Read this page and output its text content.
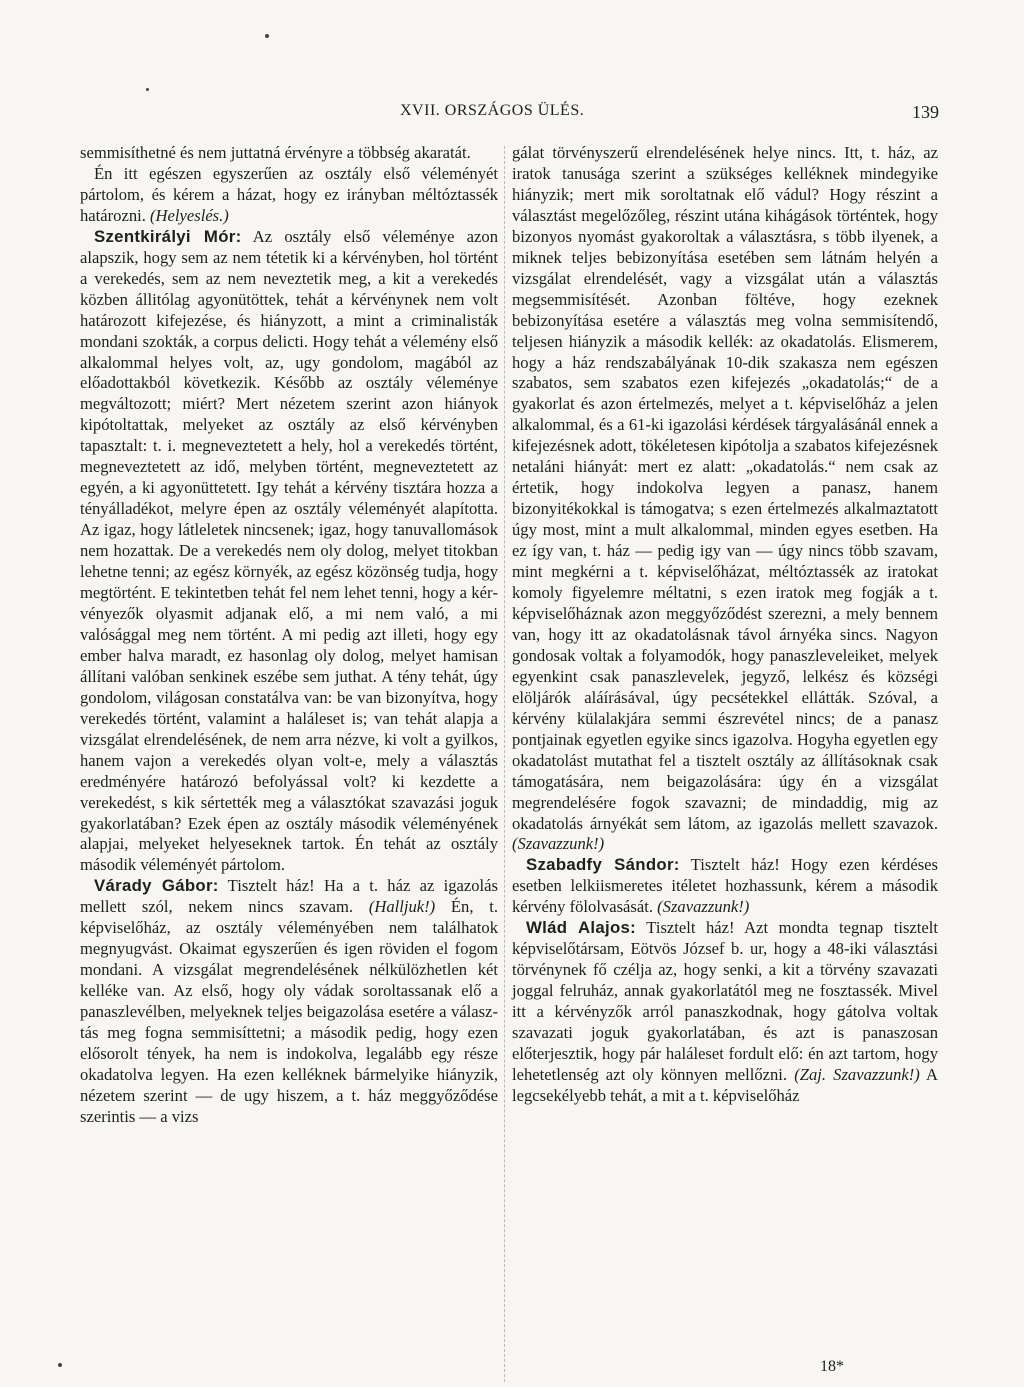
XVII. ORSZÁGOS ÜLÉS.	139

semmisíthetné és nem juttatná érvényre a többség akaratát.

Én itt egészen egyszerűen az osztály első véleményét pártolom, és kérem a házat, hogy ez irányban méltóztassék határozni. (Helyeslés.)

Szentkirályi Mór: Az osztály első véleménye azon alapszik, hogy sem az nem tétetik ki a kérvényben, hol történt a verekedés, sem az nem neveztetik meg, a kit a verekedés közben állitólag agyonütöttek, tehát a kérvénynek nem volt határozott kifejezése, és hiányzott, a mint a criminalisták mondani szokták, a corpus delicti. Hogy tehát a vélemény első alkalommal helyes volt, az, ugy gondolom, magából az előadottakból következik. Később az osztály véleménye megváltozott; miért? Mert nézetem szerint azon hiányok kipótoltattak, melyeket az osztály az első kérvényben tapasztalt: t. i. megneveztetett a hely, hol a verekedés történt, megneveztetett az idő, melyben történt, megneveztetett az egyén, a ki agyonüttetett. Igy tehát a kérvény tisztára hozza a tényálladékot, melyre épen az osztály véleményét alapította. Az igaz, hogy látleletek nincsenek; igaz, hogy tanuvallomások nem hozattak. De a verekedés nem oly dolog, melyet titokban lehetne tenni; az egész környék, az egész közönség tudja, hogy megtörtént. E tekintetben tehát fel nem lehet tenni, hogy a kérvényezők olyasmit adjanak elő, a mi nem való, a mi valósággal meg nem történt. A mi pedig azt illeti, hogy egy ember halva maradt, ez hasonlag oly dolog, melyet hamisan állítani valóban senkinek eszébe sem juthat. A tény tehát, úgy gondolom, világosan constatálva van: be van bizonyítva, hogy verekedés történt, valamint a haláleset is; van tehát alapja a vizsgálat elrendelésének, de nem arra nézve, ki volt a gyilkos, hanem vajon a verekedés olyan volt-e, mely a választás eredményére határozó befolyással volt? ki kezdette a verekedést, s kik sértették meg a választókat szavazási joguk gyakorlatában? Ezek épen az osztály második véleményének alapjai, melyeket helyeseknek tartok. Én tehát az osztály második véleményét pártolom.

Várady Gábor: Tisztelt ház! Ha a t. ház az igazolás mellett szól, nekem nincs szavam. (Halljuk!) Én, t. képviselőház, az osztály véleményében nem találhatok megnyugvást. Okaimat egyszerűen és igen röviden el fogom mondani. A vizsgálat megrendelésének nélkülözhetlen két kelléke van. Az első, hogy oly vádak soroltassanak elő a panaszlevélben, melyeknek teljes beigazolása esetére a választás meg fogna semmisíttetni; a második pedig, hogy ezen elősorolt tények, ha nem is indokolva, legalább egy része okadatolva legyen. Ha ezen kelléknek bármelyike hiányzik, nézetem szerint — de ugy hiszem, a t. ház meggyőződése szerintis — a vizs

gálat törvényszerű elrendelésének helye nincs. Itt, t. ház, az iratok tanusága szerint a szükséges kelléknek mindegyike hiányzik; mert mik soroltatnak elő vádul? Hogy részint a választást megelőzőleg, részint utána kihágások történtek, hogy bizonyos nyomást gyakoroltak a választásra, s több ilyenek, a miknek teljes bebizonyítása esetében sem látnám helyén a vizsgálat elrendelését, vagy a vizsgálat után a választás megsemmisítését. Azonban föltéve, hogy ezeknek bebizonyítása esetére a választás meg volna semmisítendő, teljesen hiányzik a második kellék: az okadatolás. Elismerem, hogy a ház rendszabályának 10-dik szakasza nem egészen szabatos, sem szabatos ezen kifejezés „okadatolás;“ de a gyakorlat és azon értelmezés, melyet a t. képviselőház a jelen alkalommal, és a 61-ki igazolási kérdések tárgyalásánál ennek a kifejezésnek adott, tökéletesen kipótolja a szabatos kifejezésnek netaláni hiányát: mert ez alatt: „okadatolás.“ nem csak az értetik, hogy indokolva legyen a panasz, hanem bizonyitékokkal is támogatva; s ezen értelmezés alkalmaztatott úgy most, mint a mult alkalommal, minden egyes esetben. Ha ez így van, t. ház — pedig igy van — úgy nincs több szavam, mint megkérni a t. képviselőházat, méltóztassék az iratokat komoly figyelemre méltatni, s ezen iratok meg fogják a t. képviselőháznak azon meggyőződést szerezni, a mely bennem van, hogy itt az okadatolásnak távol árnyéka sincs. Nagyon gondosak voltak a folyamodók, hogy panaszleveleiket, melyek egyenkint csak panaszlevelek, jegyző, lelkész és községi elöljárók aláírásával, úgy pecsétekkel ellátták. Szóval, a kérvény külalakjára semmi észrevétel nincs; de a panasz pontjainak egyetlen egyike sincs igazolva. Hogyha egyetlen egy okadatolást mutathat fel a tisztelt osztály az állításoknak csak támogatására, nem beigazolására: úgy én a vizsgálat megrendelésére fogok szavazni; de mindaddig, mig az okadatolás árnyékát sem látom, az igazolás mellett szavazok. (Szavazzunk!)

Szabadfy Sándor: Tisztelt ház! Hogy ezen kérdéses esetben lelkiismeretes itéletet hozhassunk, kérem a második kérvény fölolvasását. (Szavazzunk!)

Wlád Alajos: Tisztelt ház! Azt mondta tegnap tisztelt képviselőtársam, Eötvös József b. ur, hogy a 48-iki választási törvénynek fő czélja az, hogy senki, a kit a törvény szavazati joggal felruház, annak gyakorlatától meg ne fosztassék. Mivel itt a kérvényzők arról panaszkodnak, hogy gátolva voltak szavazati joguk gyakorlatában, és azt is panaszosan előterjesztik, hogy pár haláleset fordult elő: én azt tartom, hogy lehetetlenség azt oly könnyen mellőzni. (Zaj. Szavazzunk!) A legcsekélyebb tehát, a mit a t. képviselőház

18*
